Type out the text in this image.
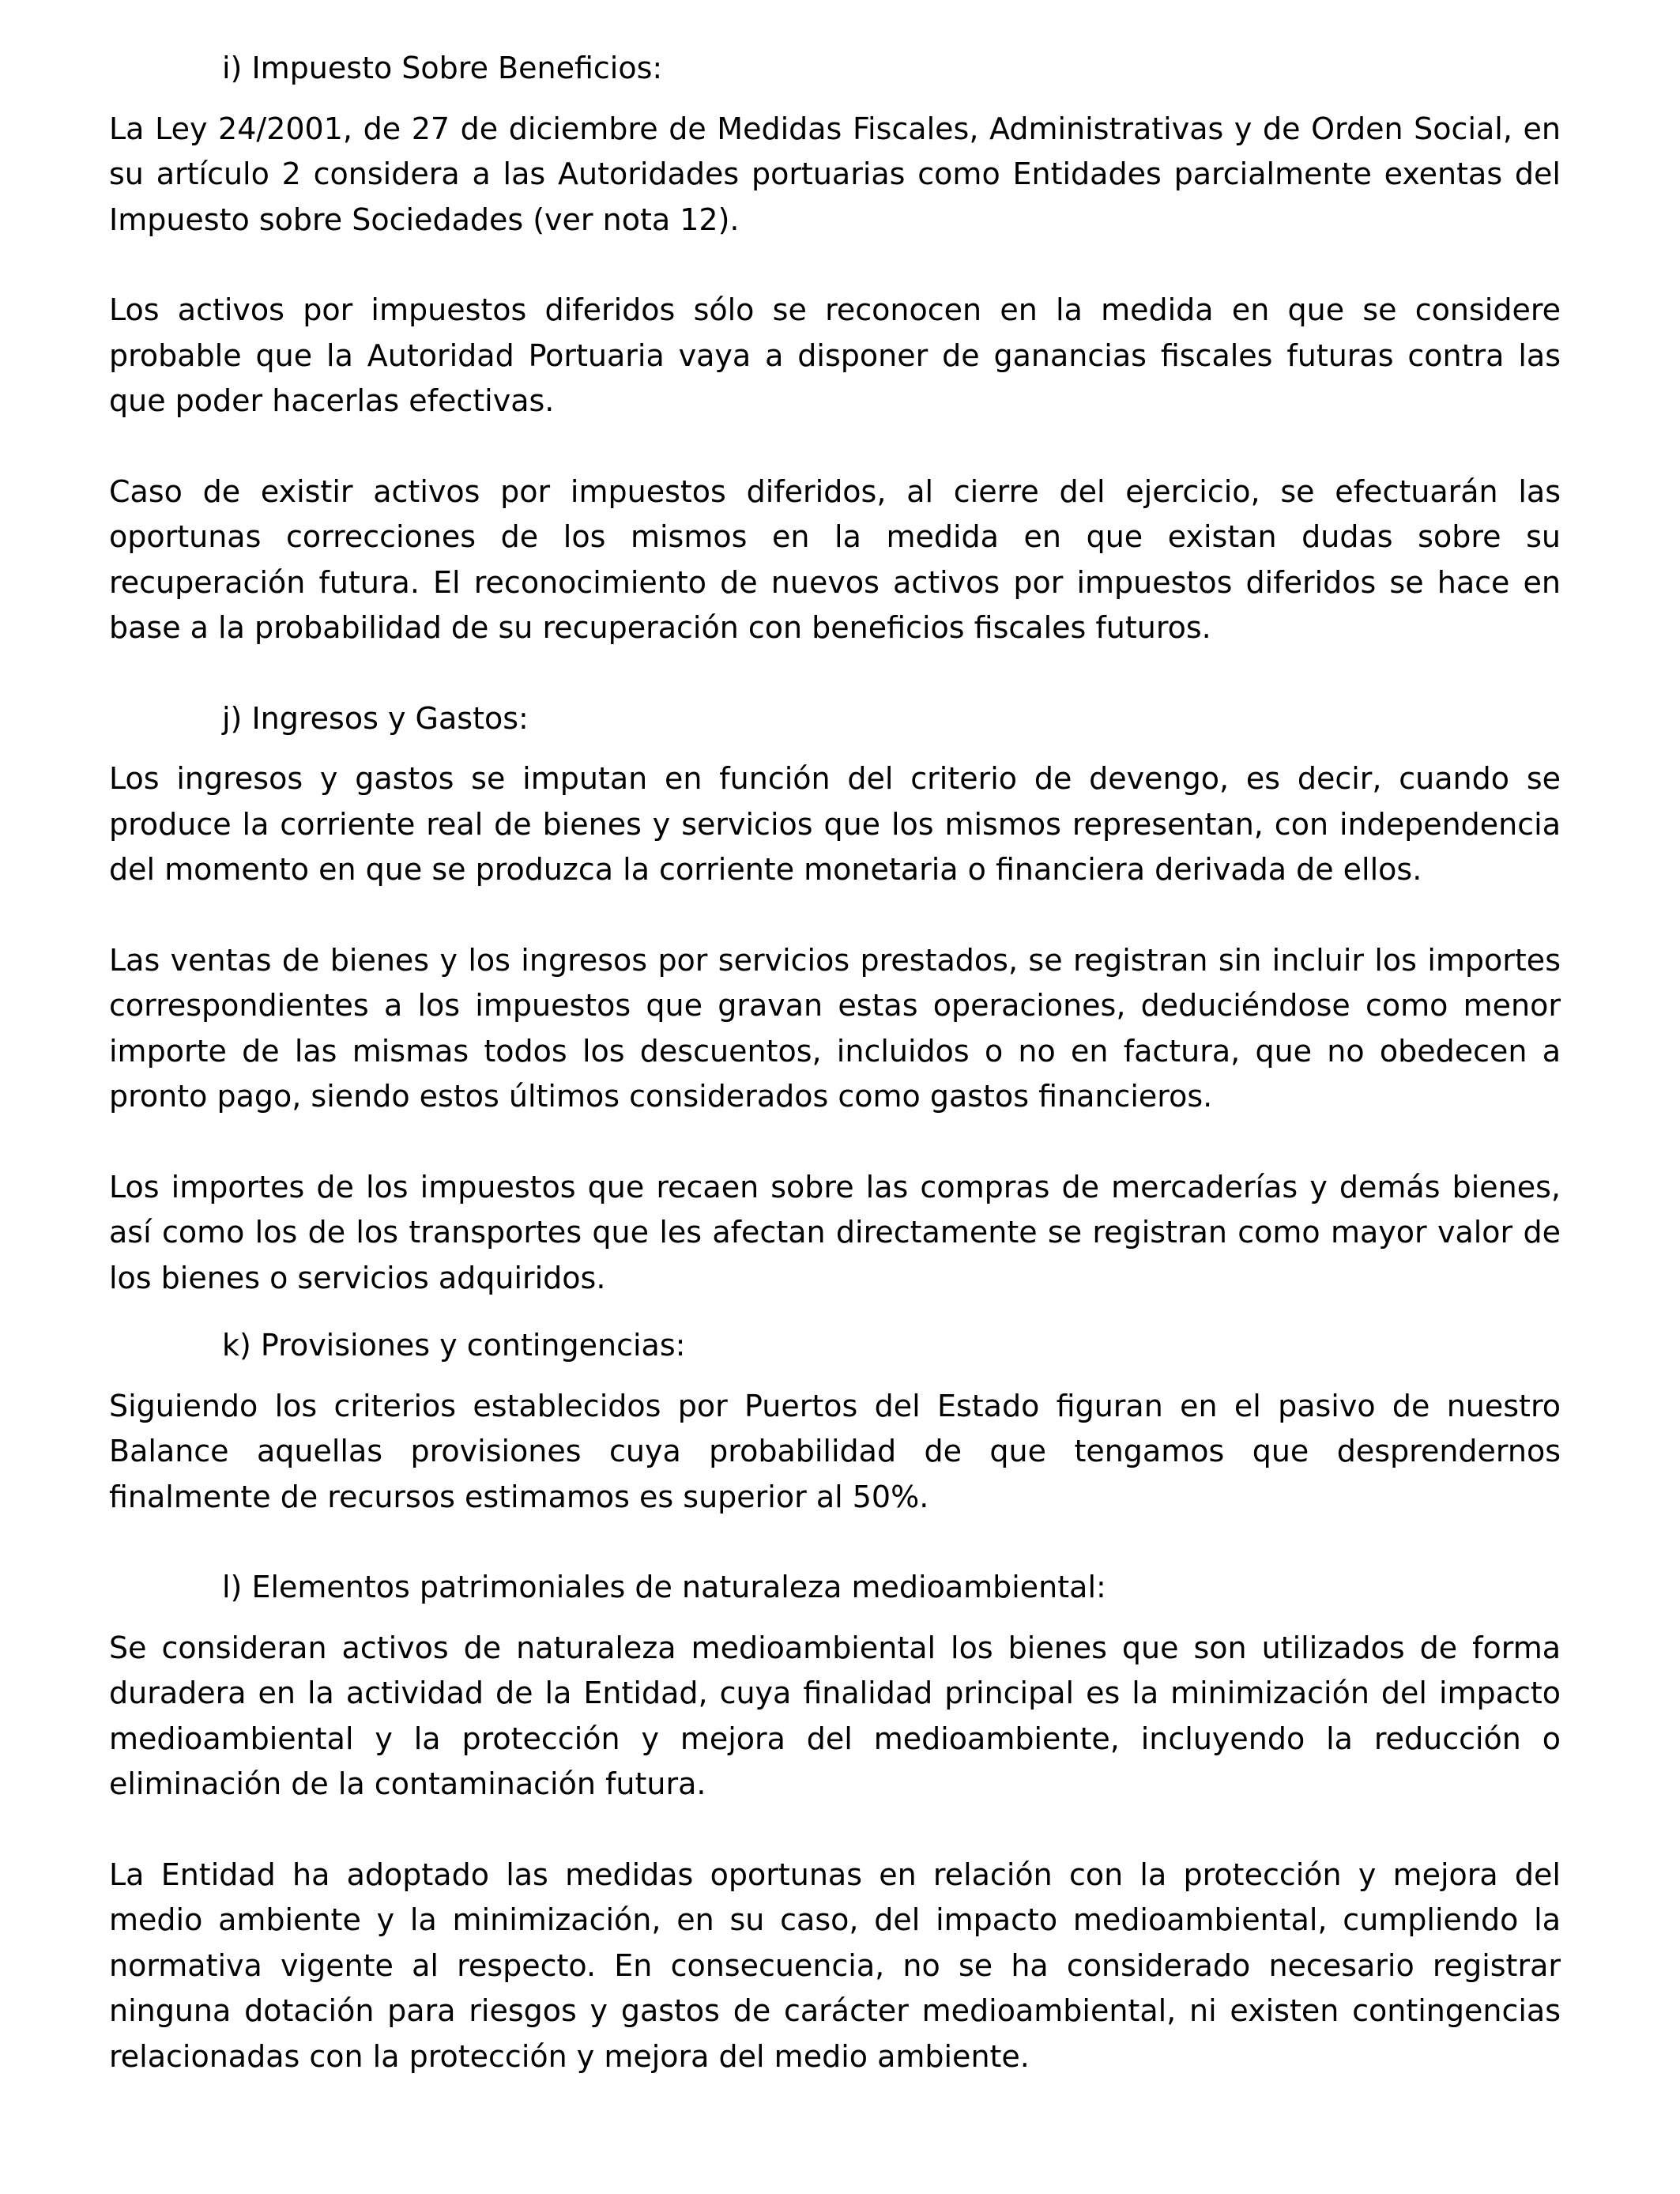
i) Impuesto Sobre Beneficios:

La Ley 24/2001, de 27 de diciembre de Medidas Fiscales, Administrativas y de Orden Social, en su artículo 2 considera a las Autoridades portuarias como Entidades parcialmente exentas del Impuesto sobre Sociedades (ver nota 12).

Los activos por impuestos diferidos sólo se reconocen en la medida en que se considere probable que la Autoridad Portuaria vaya a disponer de ganancias fiscales futuras contra las que poder hacerlas efectivas.

Caso de existir activos por impuestos diferidos, al cierre del ejercicio, se efectuarán las oportunas correcciones de los mismos en la medida en que existan dudas sobre su recuperación futura. El reconocimiento de nuevos activos por impuestos diferidos se hace en base a la probabilidad de su recuperación con beneficios fiscales futuros.

j) Ingresos y Gastos:

Los ingresos y gastos se imputan en función del criterio de devengo, es decir, cuando se produce la corriente real de bienes y servicios que los mismos representan, con independencia del momento en que se produzca la corriente monetaria o financiera derivada de ellos.

Las ventas de bienes y los ingresos por servicios prestados, se registran sin incluir los importes correspondientes a los impuestos que gravan estas operaciones, deduciéndose como menor importe de las mismas todos los descuentos, incluidos o no en factura, que no obedecen a pronto pago, siendo estos últimos considerados como gastos financieros.

Los importes de los impuestos que recaen sobre las compras de mercaderías y demás bienes, así como los de los transportes que les afectan directamente se registran como mayor valor de los bienes o servicios adquiridos.

k) Provisiones y contingencias:

Siguiendo los criterios establecidos por Puertos del Estado figuran en el pasivo de nuestro Balance aquellas provisiones cuya probabilidad de que tengamos que desprendernos finalmente de recursos estimamos es superior al 50%.

l) Elementos patrimoniales de naturaleza medioambiental:

Se consideran activos de naturaleza medioambiental los bienes que son utilizados de forma duradera en la actividad de la Entidad, cuya finalidad principal es la minimización del impacto medioambiental y la protección y mejora del medioambiente, incluyendo la reducción o eliminación de la contaminación futura.

La Entidad ha adoptado las medidas oportunas en relación con la protección y mejora del medio ambiente y la minimización, en su caso, del impacto medioambiental, cumpliendo la normativa vigente al respecto. En consecuencia, no se ha considerado necesario registrar ninguna dotación para riesgos y gastos de carácter medioambiental, ni existen contingencias relacionadas con la protección y mejora del medio ambiente.
